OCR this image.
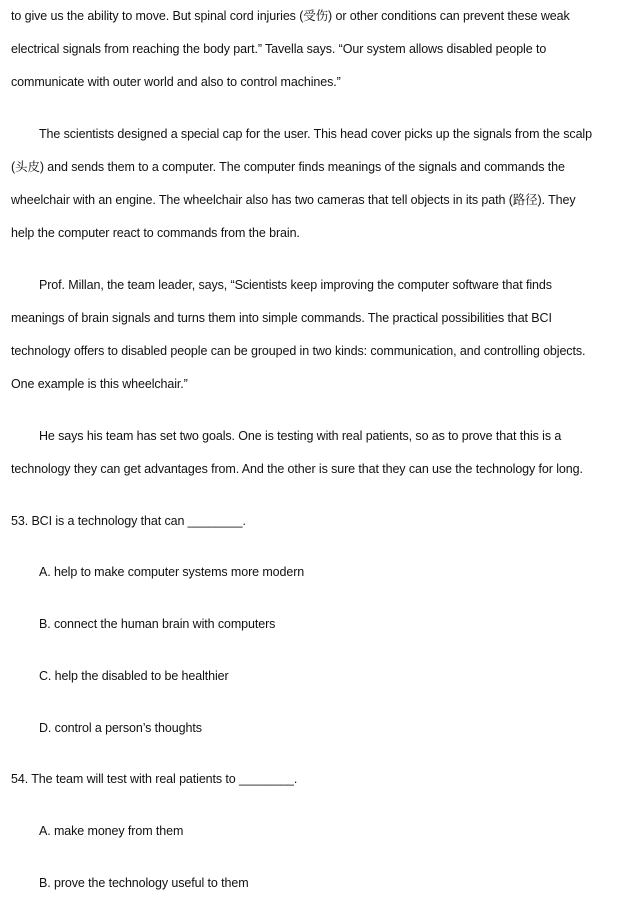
to give us the ability to move. But spinal cord injuries (受伤) or other conditions can prevent these weak
electrical signals from reaching the body part.” Tavella says. “Our system allows disabled people to
communicate with outer world and also to control machines.”
The scientists designed a special cap for the user. This head cover picks up the signals from the scalp
(头皮) and sends them to a computer. The computer finds meanings of the signals and commands the
wheelchair with an engine. The wheelchair also has two cameras that tell objects in its path (路径). They
help the computer react to commands from the brain.
Prof. Millan, the team leader, says, “Scientists keep improving the computer software that finds
meanings of brain signals and turns them into simple commands. The practical possibilities that BCI
technology offers to disabled people can be grouped in two kinds: communication, and controlling objects.
One example is this wheelchair.”
He says his team has set two goals. One is testing with real patients, so as to prove that this is a
technology they can get advantages from. And the other is sure that they can use the technology for long.
53. BCI is a technology that can ________.
A. help to make computer systems more modern
B. connect the human brain with computers
C. help the disabled to be healthier
D. control a person’s thoughts
54. The team will test with real patients to ________.
A. make money from them
B. prove the technology useful to them
